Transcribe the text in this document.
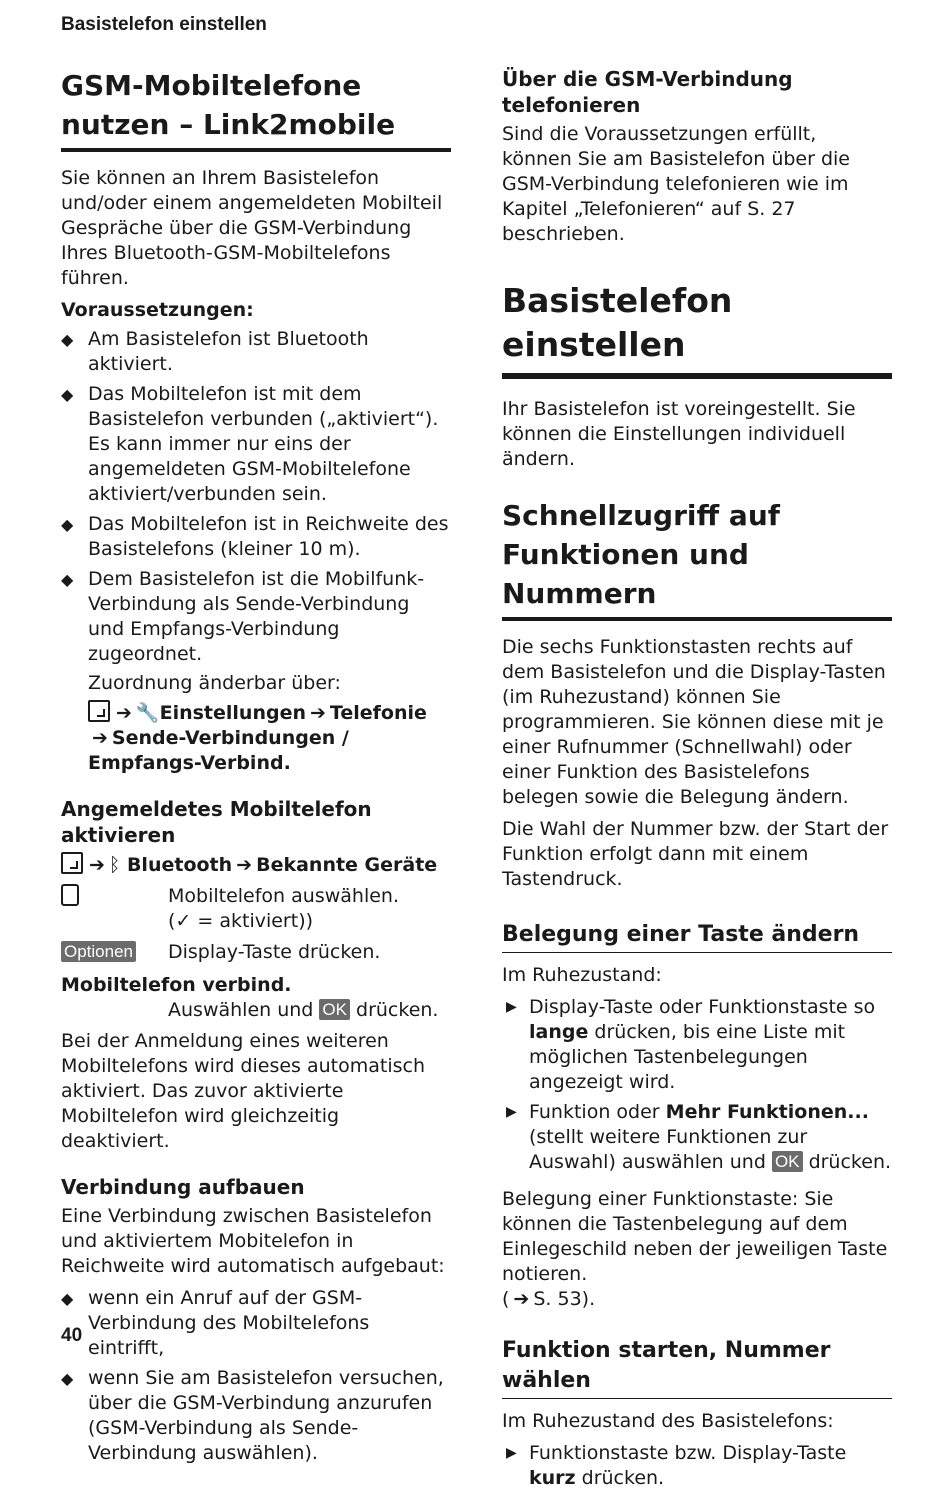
Basistelefon einstellen
GSM-Mobiltelefone nutzen – Link2mobile

Sie können an Ihrem Basistelefon und/oder einem angemeldeten Mobilteil Gespräche über die GSM-Verbindung Ihres Bluetooth-GSM-Mobiltelefons führen.

Voraussetzungen:
◆ Am Basistelefon ist Bluetooth aktiviert.
◆ Das Mobiltelefon ist mit dem Basistelefon verbunden („aktiviert“). Es kann immer nur eins der angemeldeten GSM-Mobiltelefone aktiviert/verbunden sein.
◆ Das Mobiltelefon ist in Reichweite des Basistelefons (kleiner 10 m).
◆ Dem Basistelefon ist die Mobilfunk-Verbindung als Sende-Verbindung und Empfangs-Verbindung zugeordnet.
Zuordnung änderbar über:
➔ 🔧Einstellungen ➔ Telefonie
➔ Sende-Verbindungen / Empfangs-Verbind.
Angemeldetes Mobiltelefon aktivieren
➔ ᛒ Bluetooth ➔ Bekannte Geräte
Mobiltelefon auswählen.
(✓ = aktiviert))
Optionen	Display-Taste drücken.
Mobiltelefon verbind.
Auswählen und OK drücken.

Bei der Anmeldung eines weiteren Mobiltelefons wird dieses automatisch aktiviert. Das zuvor aktivierte Mobiltelefon wird gleichzeitig deaktiviert.

Verbindung aufbauen

Eine Verbindung zwischen Basistelefon und aktiviertem Mobitelefon in Reichweite wird automatisch aufgebaut:

◆ wenn ein Anruf auf der GSM-Verbindung des Mobiltelefons eintrifft,
◆ wenn Sie am Basistelefon versuchen, über die GSM-Verbindung anzurufen (GSM-Verbindung als Sende-Verbindung auswählen).
Über die GSM-Verbindung telefonieren

Sind die Voraussetzungen erfüllt, können Sie am Basistelefon über die GSM-Verbindung telefonieren wie im Kapitel „Telefonieren“ auf S. 27 beschrieben.

Basistelefon einstellen

Ihr Basistelefon ist voreingestellt. Sie können die Einstellungen individuell ändern.

Schnellzugriff auf Funktionen und Nummern

Die sechs Funktionstasten rechts auf dem Basistelefon und die Display-Tasten (im Ruhezustand) können Sie programmieren. Sie können diese mit je einer Rufnummer (Schnellwahl) oder einer Funktion des Basistelefons belegen sowie die Belegung ändern.

Die Wahl der Nummer bzw. der Start der Funktion erfolgt dann mit einem Tastendruck.

Belegung einer Taste ändern

Im Ruhezustand:

▶ Display-Taste oder Funktionstaste so lange drücken, bis eine Liste mit möglichen Tastenbelegungen angezeigt wird.
▶ Funktion oder Mehr Funktionen... (stellt weitere Funktionen zur Auswahl) auswählen und OK drücken.

Belegung einer Funktionstaste: Sie können die Tastenbelegung auf dem Einlegeschild neben der jeweiligen Taste notieren.

( ➔ S. 53).

Funktion starten, Nummer wählen

Im Ruhezustand des Basistelefons:

▶ Funktionstaste bzw. Display-Taste kurz drücken.
40
